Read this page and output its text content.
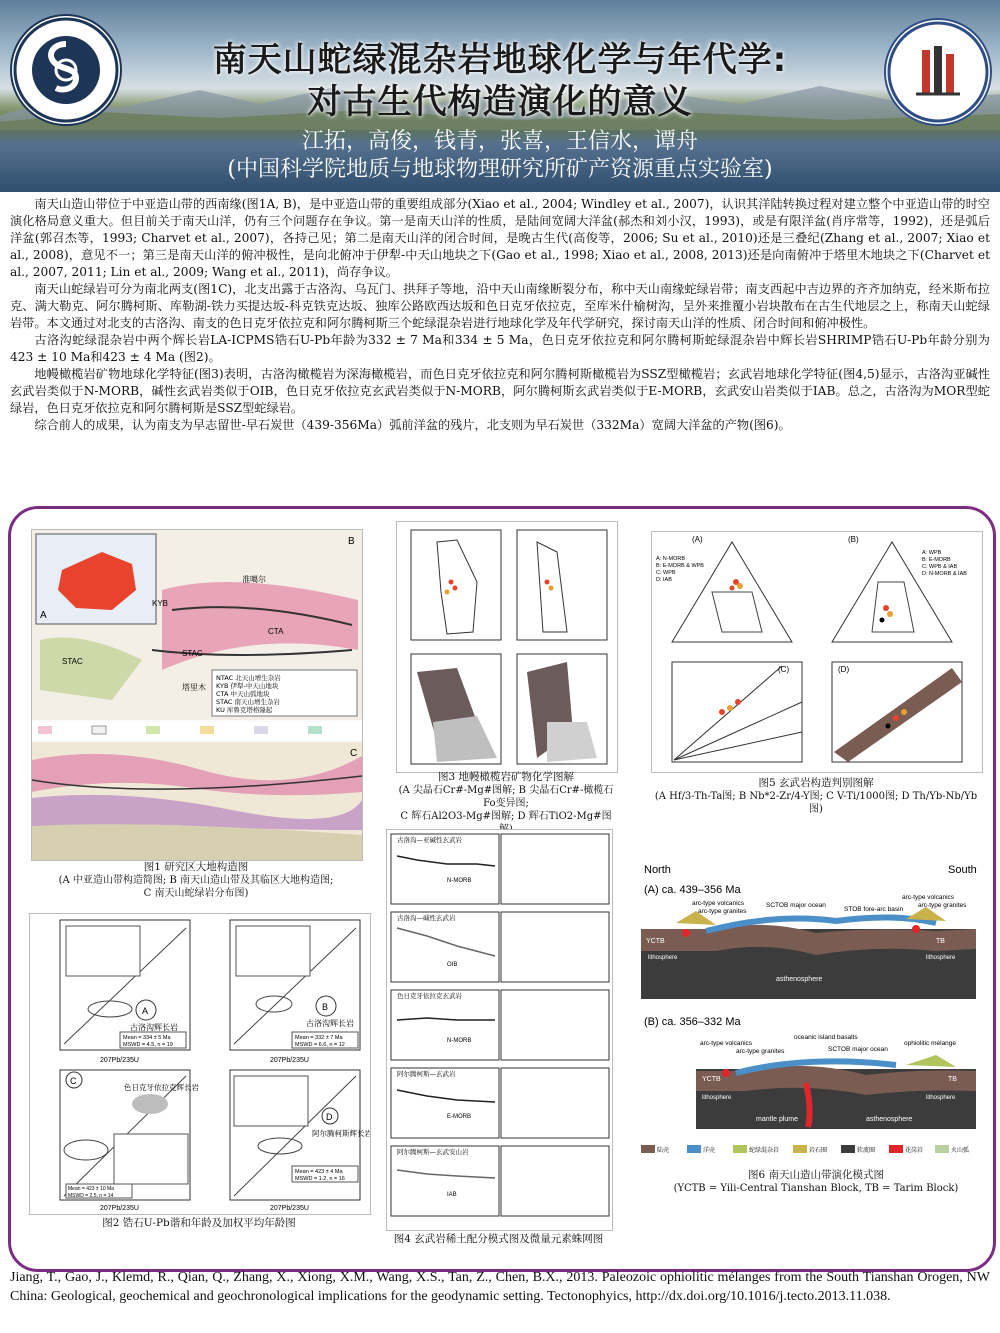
南天山蛇绿混杂岩地球化学与年代学:
对古生代构造演化的意义
江拓，高俊，钱青，张喜，王信水，谭舟
(中国科学院地质与地球物理研究所矿产资源重点实验室)

南天山造山带位于中亚造山带的西南缘(图1A, B)，是中亚造山带的重要组成部分(Xiao et al., 2004; Windley et al., 2007)，认识其洋陆转换过程对建立整个中亚造山带的时空演化格局意义重大。但目前关于南天山洋，仍有三个问题存在争议。第一是南天山洋的性质，是陆间宽阔大洋盆(郝杰和刘小汉，1993)，或是有限洋盆(肖序常等，1992)，还是弧后洋盆(郭召杰等，1993; Charvet et al., 2007)，各持己见；第二是南天山洋的闭合时间，是晚古生代(高俊等，2006; Su et al., 2010)还是三叠纪(Zhang et al., 2007; Xiao et al., 2008)，意见不一；第三是南天山洋的俯冲极性，是向北俯冲于伊犁-中天山地块之下(Gao et al., 1998; Xiao et al., 2008, 2013)还是向南俯冲于塔里木地块之下(Charvet et al., 2007, 2011; Lin et al., 2009; Wang et al., 2011)，尚存争议。

南天山蛇绿岩可分为南北两支(图1C)，北支出露于古洛沟、乌瓦门、拱拜子等地，沿中天山南缘断裂分布，称中天山南缘蛇绿岩带；南支西起中吉边界的齐齐加纳克，经米斯布拉克、满大勒克、阿尔腾柯斯、库勒湖-铁力买提达坂-科克铁克达坂、独库公路欧西达坂和色日克牙依拉克，至库米什榆树沟，呈外来推覆小岩块散布在古生代地层之上，称南天山蛇绿岩带。本文通过对北支的古洛沟、南支的色日克牙依拉克和阿尔腾柯斯三个蛇绿混杂岩进行地球化学及年代学研究，探讨南天山洋的性质、闭合时间和俯冲极性。

古洛沟蛇绿混杂岩中两个辉长岩LA-ICPMS锆石U-Pb年龄为332 ± 7 Ma和334 ± 5 Ma，色日克牙依拉克和阿尔腾柯斯蛇绿混杂岩中辉长岩SHRIMP锆石U-Pb年龄分别为423 ± 10 Ma和423 ± 4 Ma (图2)。

地幔橄榄岩矿物地球化学特征(图3)表明，古洛沟橄榄岩为深海橄榄岩，而色日克牙依拉克和阿尔腾柯斯橄榄岩为SSZ型橄榄岩；玄武岩地球化学特征(图4,5)显示，古洛沟亚碱性玄武岩类似于N-MORB，碱性玄武岩类似于OIB，色日克牙依拉克玄武岩类似于N-MORB，阿尔腾柯斯玄武岩类似于E-MORB，玄武安山岩类似于IAB。总之，古洛沟为MOR型蛇绿岩，色日克牙依拉克和阿尔腾柯斯是SSZ型蛇绿岩。

综合前人的成果，认为南支为早志留世-早石炭世（439-356Ma）弧前洋盆的残片，北支则为早石炭世（332Ma）宽阔大洋盆的产物(图6)。

A
B
KYB
CTA
STAC
STAC
塔里木
准噶尔
NTAC 北天山增生杂岩
KYB 伊犁-中天山地块
CTA 中天山弧地块
STAC 南天山增生杂岩
KU 库鲁克塔格隆起
C
图1 研究区大地构造图
(A 中亚造山带构造简图; B 南天山造山带及其临区大地构造图;
C 南天山蛇绿岩分布图)
A
古洛沟辉长岩
Mean = 334 ± 5 Ma
MSWD = 4.5, n = 19
B
古洛沟辉长岩
Mean = 332 ± 7 Ma
MSWD = 6.6, n = 12
207Pb/235U	207Pb/235U
C
色日克牙依拉克辉长岩
Mean = 423 ± 10 Ma
MSWD = 2.5, n = 14
D
阿尔腾柯斯辉长岩
Mean = 423 ± 4 Ma
MSWD = 1.2, n = 16
207Pb/235U	207Pb/235U
图2 锆石U-Pb谐和年龄及加权平均年龄图
图3 地幔橄榄岩矿物化学图解
(A 尖晶石Cr#-Mg#图解; B 尖晶石Cr#-橄榄石Fo变异图;
C 辉石Al2O3-Mg#图解; D 辉石TiO2-Mg#图
古洛沟—亚碱性玄武岩
N-MORB
古洛沟—碱性玄武岩
OIB
色日克牙依拉克玄武岩
N-MORB
阿尔腾柯斯—玄武岩
E-MORB
阿尔腾柯斯—玄武安山岩
IAB
图4 玄武岩稀土配分模式图及微量元素蛛网图
(A)
A: N-MORB
B: E-MORB & WPB
C: WPB
D: IAB
(B)
A: WPB
B: E-MORB
C: WPB & IAB
D: N-MORB & IAB
(C)	(D)
图5 玄武岩构造判别图解
(A Hf/3-Th-Ta图; B Nb*2-Zr/4-Y图; C V-Ti/1000图; D Th/Yb-Nb/Yb图)
North	South
(A) ca. 439–356 Ma
arc-type volcanics
arc-type granites
SCTOB major ocean
STOB fore-arc basin
arc-type volcanics
arc-type granites
YCTB	TB
lithosphere	lithosphere
asthenosphere
(B) ca. 356–332 Ma
arc-type volcanics
arc-type granites
oceanic island basalts
SCTOB major ocean
ophiolitic mélange
YCTB	TB
lithosphere	lithosphere
mantle plume	asthenosphere
陆壳	洋壳	蛇绿混杂岩	岩石圈	软流圈	花岗岩	火山弧
图6 南天山造山带演化模式图
(YCTB = Yili-Central Tianshan Block, TB = Tarim Block)
Jiang, T., Gao, J., Klemd, R., Qian, Q., Zhang, X., Xiong, X.M., Wang, X.S., Tan, Z., Chen, B.X., 2013. Paleozoic ophiolitic mélanges from the South Tianshan Orogen, NW China: Geological, geochemical and geochronological implications for the geodynamic setting. Tectonophyics, http://dx.doi.org/10.1016/j.tecto.2013.11.038.
